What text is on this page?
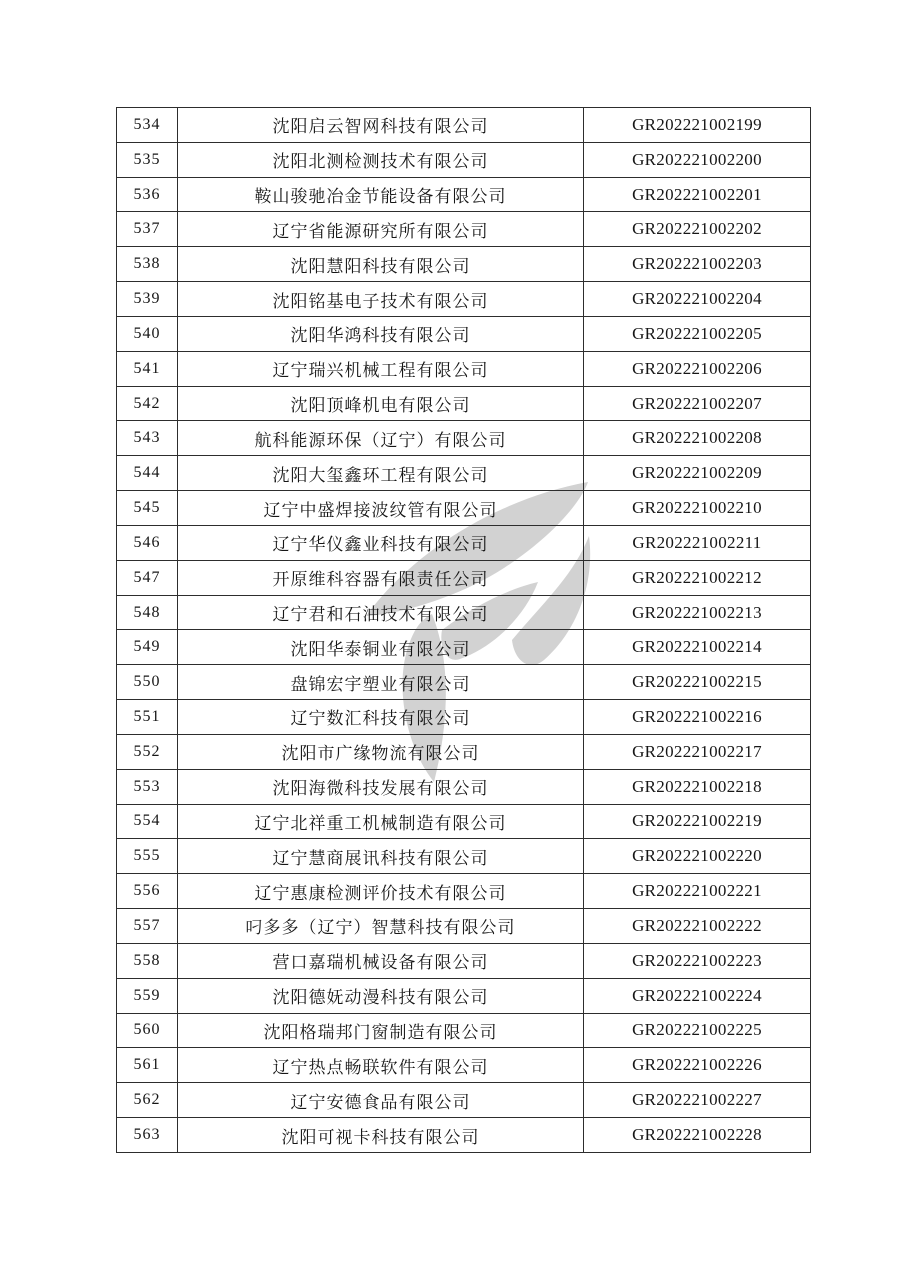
534	沈阳启云智网科技有限公司	GR202221002199
535	沈阳北测检测技术有限公司	GR202221002200
536	鞍山骏驰冶金节能设备有限公司	GR202221002201
537	辽宁省能源研究所有限公司	GR202221002202
538	沈阳慧阳科技有限公司	GR202221002203
539	沈阳铭基电子技术有限公司	GR202221002204
540	沈阳华鸿科技有限公司	GR202221002205
541	辽宁瑞兴机械工程有限公司	GR202221002206
542	沈阳顶峰机电有限公司	GR202221002207
543	航科能源环保（辽宁）有限公司	GR202221002208
544	沈阳大玺鑫环工程有限公司	GR202221002209
545	辽宁中盛焊接波纹管有限公司	GR202221002210
546	辽宁华仪鑫业科技有限公司	GR202221002211
547	开原维科容器有限责任公司	GR202221002212
548	辽宁君和石油技术有限公司	GR202221002213
549	沈阳华泰铜业有限公司	GR202221002214
550	盘锦宏宇塑业有限公司	GR202221002215
551	辽宁数汇科技有限公司	GR202221002216
552	沈阳市广缘物流有限公司	GR202221002217
553	沈阳海微科技发展有限公司	GR202221002218
554	辽宁北祥重工机械制造有限公司	GR202221002219
555	辽宁慧商展讯科技有限公司	GR202221002220
556	辽宁惠康检测评价技术有限公司	GR202221002221
557	叼多多（辽宁）智慧科技有限公司	GR202221002222
558	营口嘉瑞机械设备有限公司	GR202221002223
559	沈阳德妩动漫科技有限公司	GR202221002224
560	沈阳格瑞邦门窗制造有限公司	GR202221002225
561	辽宁热点畅联软件有限公司	GR202221002226
562	辽宁安德食品有限公司	GR202221002227
563	沈阳可视卡科技有限公司	GR202221002228
